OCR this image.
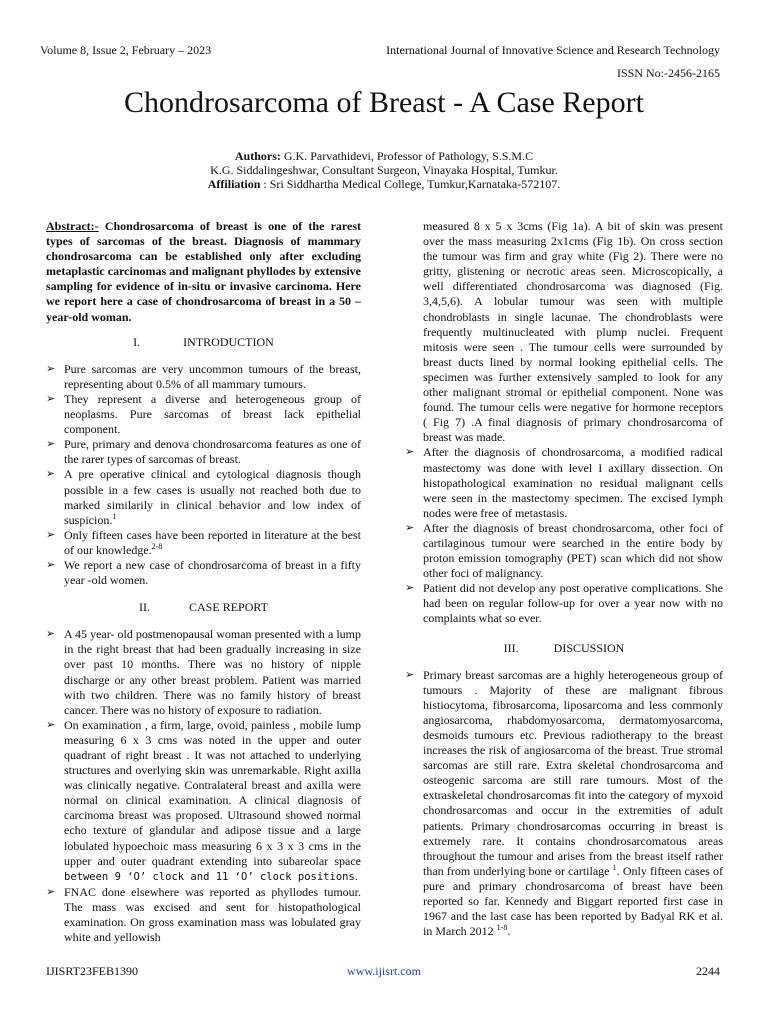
Volume 8, Issue 2, February – 2023	International Journal of Innovative Science and Research Technology
ISSN No:-2456-2165
Chondrosarcoma of Breast - A Case Report
Authors: G.K. Parvathidevi, Professor of Pathology, S.S.M.C
K.G. Siddalingeshwar, Consultant Surgeon, Vinayaka Hospital, Tumkur.
Affiliation : Sri Siddhartha Medical College, Tumkur,Karnataka-572107.
Abstract:- Chondrosarcoma of breast is one of the rarest types of sarcomas of the breast. Diagnosis of mammary chondrosarcoma can be established only after excluding metaplastic carcinomas and malignant phyllodes by extensive sampling for evidence of in-situ or invasive carcinoma. Here we report here a case of chondrosarcoma of breast in a 50 –year-old woman.
I.	INTRODUCTION
➢ Pure sarcomas are very uncommon tumours of the breast, representing about 0.5% of all mammary tumours.
➢ They represent a diverse and heterogeneous group of neoplasms. Pure sarcomas of breast lack epithelial component.
➢ Pure, primary and denova chondrosarcoma features as one of the rarer types of sarcomas of breast.
➢ A pre operative clinical and cytological diagnosis though possible in a few cases is usually not reached both due to marked similarily in clinical behavior and low index of suspicion.$^1$
➢ Only fifteen cases have been reported in literature at the best of our knowledge.$^{2-8}$
➢ We report a new case of chondrosarcoma of breast in a fifty year -old women.
II.	CASE REPORT
➢ A 45 year- old postmenopausal woman presented with a lump in the right breast that had been gradually increasing in size over past 10 months. There was no history of nipple discharge or any other breast problem. Patient was married with two children. There was no family history of breast cancer. There was no history of exposure to radiation.
➢ On examination , a firm, large, ovoid, painless , mobile lump measuring 6 x 3 cms was noted in the upper and outer quadrant of right breast . It was not attached to underlying structures and overlying skin was unremarkable. Right axilla was clinically negative. Contralateral breast and axilla were normal on clinical examination. A clinical diagnosis of carcinoma breast was proposed. Ultrasound showed normal echo texture of glandular and adipose tissue and a large lobulated hypoechoic mass measuring 6 x 3 x 3 cms in the upper and outer quadrant extending into subareolar space between 9 ‘O’ clock and 11 ‘O’ clock positions.
➢ FNAC done elsewhere was reported as phyllodes tumour. The mass was excised and sent for histopathological examination. On gross examination mass was lobulated gray white and yellowish
measured 8 x 5 x 3cms (Fig 1a). A bit of skin was present over the mass measuring 2x1cms (Fig 1b). On cross section the tumour was firm and gray white (Fig 2). There were no gritty, glistening or necrotic areas seen. Microscopically, a well differentiated chondrosarcoma was diagnosed (Fig. 3,4,5,6). A lobular tumour was seen with multiple chondroblasts in single lacunae. The chondroblasts were frequently multinucleated with plump nuclei. Frequent mitosis were seen . The tumour cells were surrounded by breast ducts lined by normal looking epithelial cells. The specimen was further extensively sampled to look for any other malignant stromal or epithelial component. None was found. The tumour cells were negative for hormone receptors ( Fig 7) .A final diagnosis of primary chondrosarcoma of breast was made.
➢ After the diagnosis of chondrosarcoma, a modified radical mastectomy was done with level I axillary dissection. On histopathological examination no residual malignant cells were seen in the mastectomy specimen. The excised lymph nodes were free of metastasis.
➢ After the diagnosis of breast chondrosarcoma, other foci of cartilaginous tumour were searched in the entire body by proton emission tomography (PET) scan which did not show other foci of malignancy.
➢ Patient did not develop any post operative complications. She had been on regular follow-up for over a year now with no complaints what so ever.
III.	DISCUSSION
➢ Primary breast sarcomas are a highly heterogeneous group of tumours . Majority of these are malignant fibrous histiocytoma, fibrosarcoma, liposarcoma and less commonly angiosarcoma, rhabdomyosarcoma, dermatomyosarcoma, desmoids tumours etc. Previous radiotherapy to the breast increases the risk of angiosarcoma of the breast. True stromal sarcomas are still rare. Extra skeletal chondrosarcoma and osteogenic sarcoma are still rare tumours. Most of the extraskeletal chondrosarcomas fit into the category of myxoid chondrosarcomas and occur in the extremities of adult patients. Primary chondrosarcomas occurring in breast is extremely rare. It contains chondrosarcomatous areas throughout the tumour and arises from the breast itself rather than from underlying bone or cartilage $^1$. Only fifteen cases of pure and primary chondrosarcoma of breast have been reported so far. Kennedy and Biggart reported first case in 1967 and the last case has been reported by Badyal RK et al. in March 2012 $^{1-8}$.
IJISRT23FEB1390	www.ijisrt.com	2244
